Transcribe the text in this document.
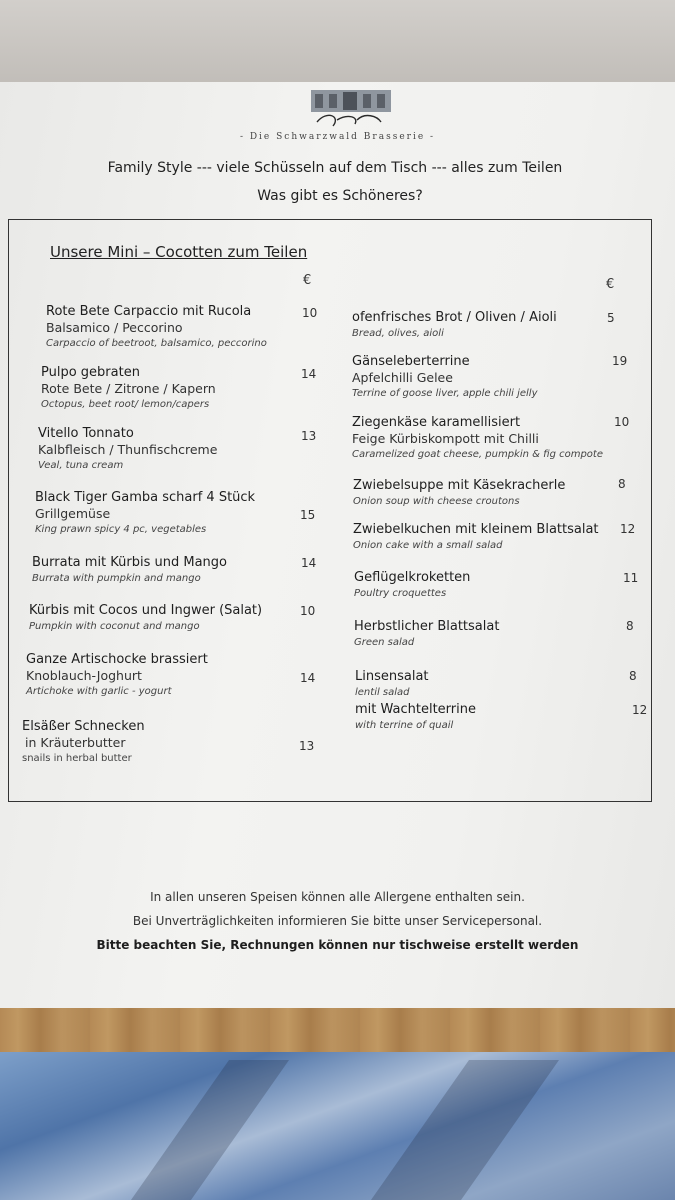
- Die Schwarzwald Brasserie -
Family Style --- viele Schüsseln auf dem Tisch --- alles zum Teilen
Was gibt es Schöneres?
Unsere Mini – Cocotten zum Teilen
€	€
Rote Bete Carpaccio mit Rucola
Balsamico / Peccorino
Carpaccio of beetroot, balsamico, peccorino
10
Pulpo gebraten
Rote Bete / Zitrone / Kapern
Octopus, beet root/ lemon/capers
14
Vitello Tonnato
Kalbfleisch / Thunfischcreme
Veal, tuna cream
13
Black Tiger Gamba scharf 4 Stück
Grillgemüse
King prawn spicy 4 pc, vegetables
15
Burrata mit Kürbis und Mango
Burrata with pumpkin and mango
14
Kürbis mit Cocos und Ingwer (Salat)
Pumpkin with coconut and mango
10
Ganze Artischocke brassiert
Knoblauch-Joghurt
Artichoke with garlic - yogurt
14
Elsäßer Schnecken
in Kräuterbutter
snails in herbal butter
13
ofenfrisches Brot / Oliven / Aioli
Bread, olives, aioli
5
Gänseleberterrine
Apfelchilli Gelee
Terrine of goose liver, apple chili jelly
19
Ziegenkäse karamellisiert
Feige Kürbiskompott mit Chilli
Caramelized goat cheese, pumpkin & fig compote
10
Zwiebelsuppe mit Käsekracherle
Onion soup with cheese croutons
8
Zwiebelkuchen mit kleinem Blattsalat
Onion cake with a small salad
12
Geflügelkroketten
Poultry croquettes
11
Herbstlicher Blattsalat
Green salad
8
Linsensalat
lentil salad
8
mit Wachtelterrine
with terrine of quail
12
In allen unseren Speisen können alle Allergene enthalten sein.
Bei Unverträglichkeiten informieren Sie bitte unser Servicepersonal.
Bitte beachten Sie, Rechnungen können nur tischweise erstellt werden
